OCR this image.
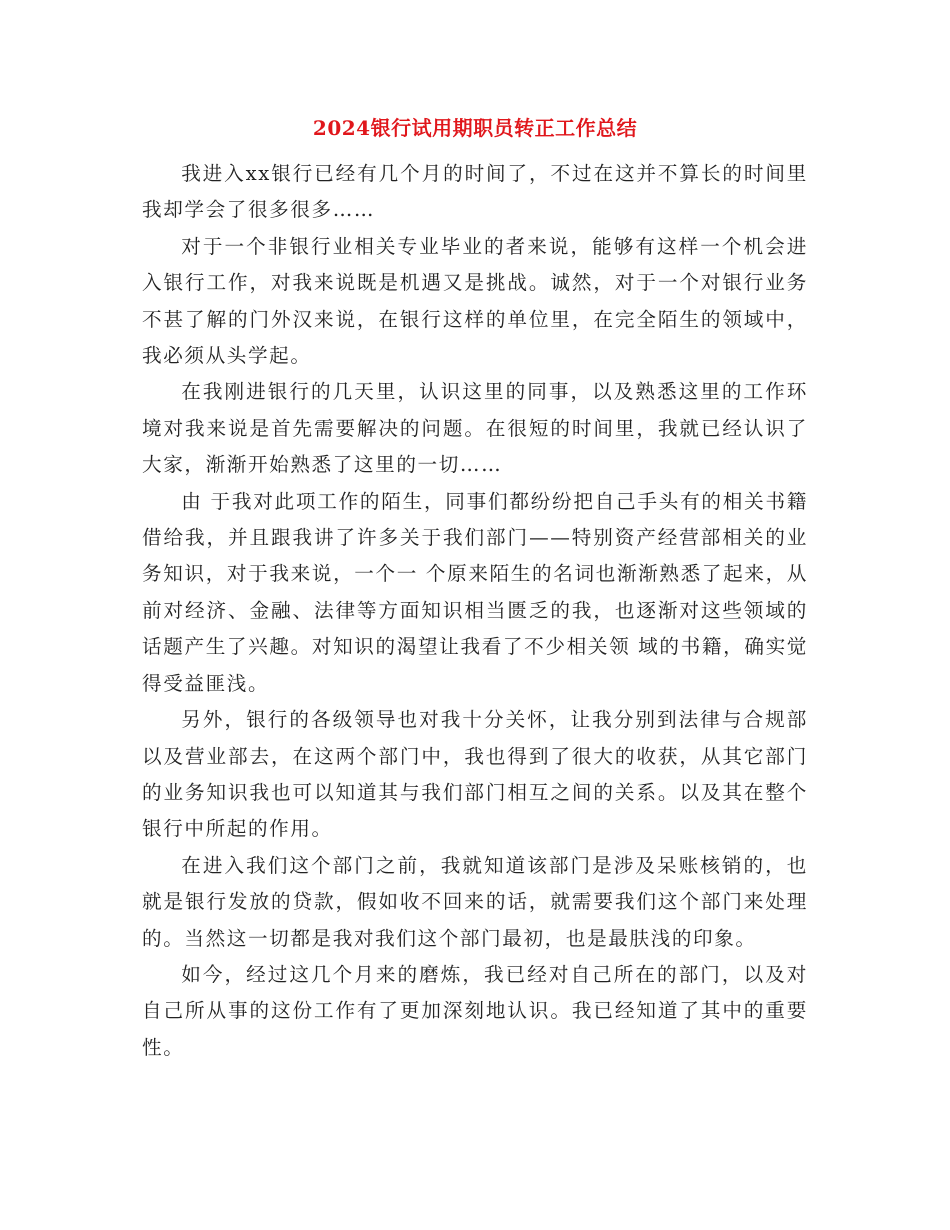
2024银行试用期职员转正工作总结

我进入xx银行已经有几个月的时间了，不过在这并不算长的时间里我却学会了很多很多……

对于一个非银行业相关专业毕业的者来说，能够有这样一个机会进入银行工作，对我来说既是机遇又是挑战。诚然，对于一个对银行业务不甚了解的门外汉来说，在银行这样的单位里，在完全陌生的领域中，我必须从头学起。

在我刚进银行的几天里，认识这里的同事，以及熟悉这里的工作环境对我来说是首先需要解决的问题。在很短的时间里，我就已经认识了大家，渐渐开始熟悉了这里的一切……

由 于我对此项工作的陌生，同事们都纷纷把自己手头有的相关书籍借给我，并且跟我讲了许多关于我们部门——特别资产经营部相关的业务知识，对于我来说，一个一 个原来陌生的名词也渐渐熟悉了起来，从前对经济、金融、法律等方面知识相当匮乏的我，也逐渐对这些领域的话题产生了兴趣。对知识的渴望让我看了不少相关领 域的书籍，确实觉得受益匪浅。

另外，银行的各级领导也对我十分关怀，让我分别到法律与合规部以及营业部去，在这两个部门中，我也得到了很大的收获，从其它部门的业务知识我也可以知道其与我们部门相互之间的关系。以及其在整个银行中所起的作用。

在进入我们这个部门之前，我就知道该部门是涉及呆账核销的，也就是银行发放的贷款，假如收不回来的话，就需要我们这个部门来处理的。当然这一切都是我对我们这个部门最初，也是最肤浅的印象。

如今，经过这几个月来的磨炼，我已经对自己所在的部门，以及对自己所从事的这份工作有了更加深刻地认识。我已经知道了其中的重要性。
